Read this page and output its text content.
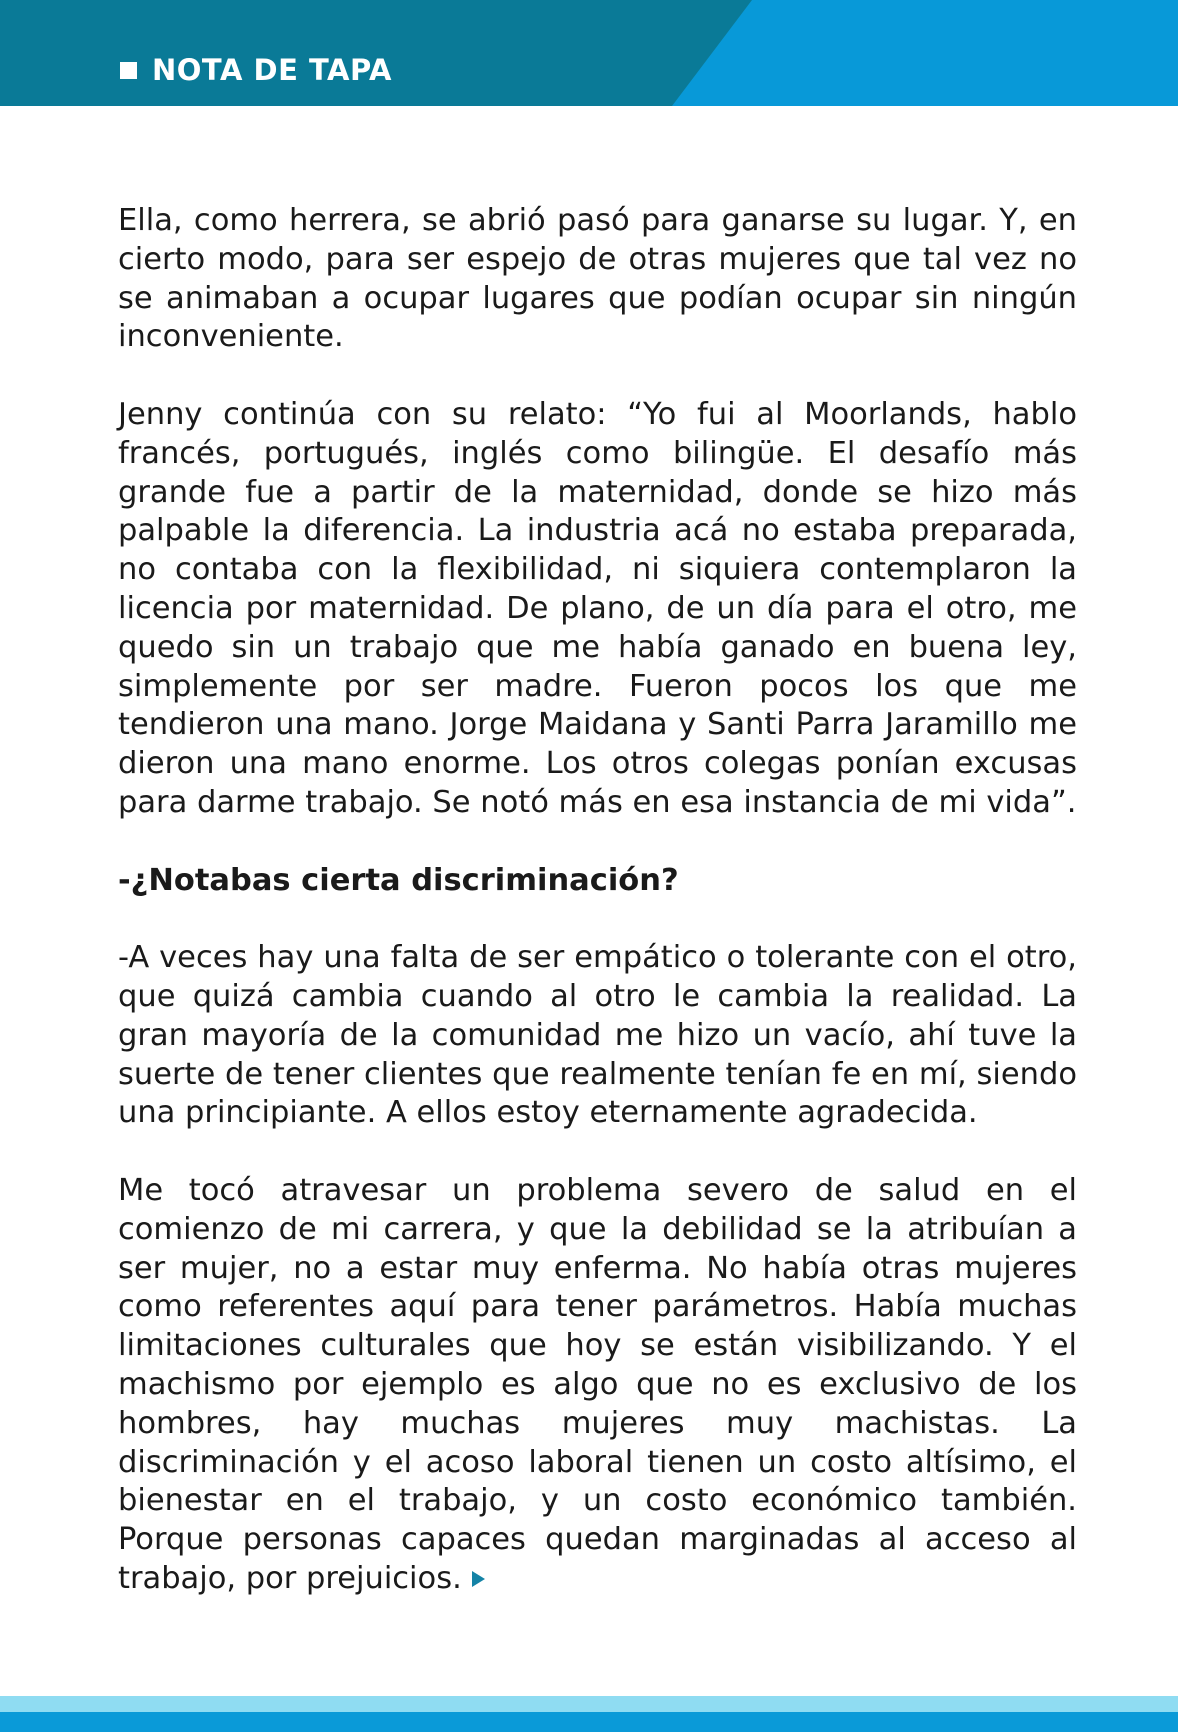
NOTA DE TAPA

Ella, como herrera, se abrió pasó para ganarse su lugar. Y, en cierto modo, para ser espejo de otras mujeres que tal vez no se animaban a ocupar lugares que podían ocupar sin ningún inconveniente.

Jenny continúa con su relato: “Yo fui al Moorlands, hablo francés, portugués, inglés como bilingüe. El desafío más grande fue a partir de la maternidad, donde se hizo más palpable la diferencia. La industria acá no estaba preparada, no contaba con la flexibilidad, ni siquiera contemplaron la licencia por maternidad. De plano, de un día para el otro, me quedo sin un trabajo que me había ganado en buena ley, simplemente por ser madre. Fueron pocos los que me tendieron una mano. Jorge Maidana y Santi Parra Jaramillo me dieron una mano enorme. Los otros colegas ponían excusas para darme trabajo. Se notó más en esa instancia de mi vida”.

-¿Notabas cierta discriminación?

-A veces hay una falta de ser empático o tolerante con el otro, que quizá cambia cuando al otro le cambia la realidad. La gran mayoría de la comunidad me hizo un vacío, ahí tuve la suerte de tener clientes que realmente tenían fe en mí, siendo una principiante. A ellos estoy eternamente agradecida.

Me tocó atravesar un problema severo de salud en el comienzo de mi carrera, y que la debilidad se la atribuían a ser mujer, no a estar muy enferma. No había otras mujeres como referentes aquí para tener parámetros. Había muchas limitaciones culturales que hoy se están visibilizando. Y el machismo por ejemplo es algo que no es exclusivo de los hombres, hay muchas mujeres muy machistas. La discriminación y el acoso laboral tienen un costo altísimo, el bienestar en el trabajo, y un costo económico también. Porque personas capaces quedan marginadas al acceso al trabajo, por prejuicios.
